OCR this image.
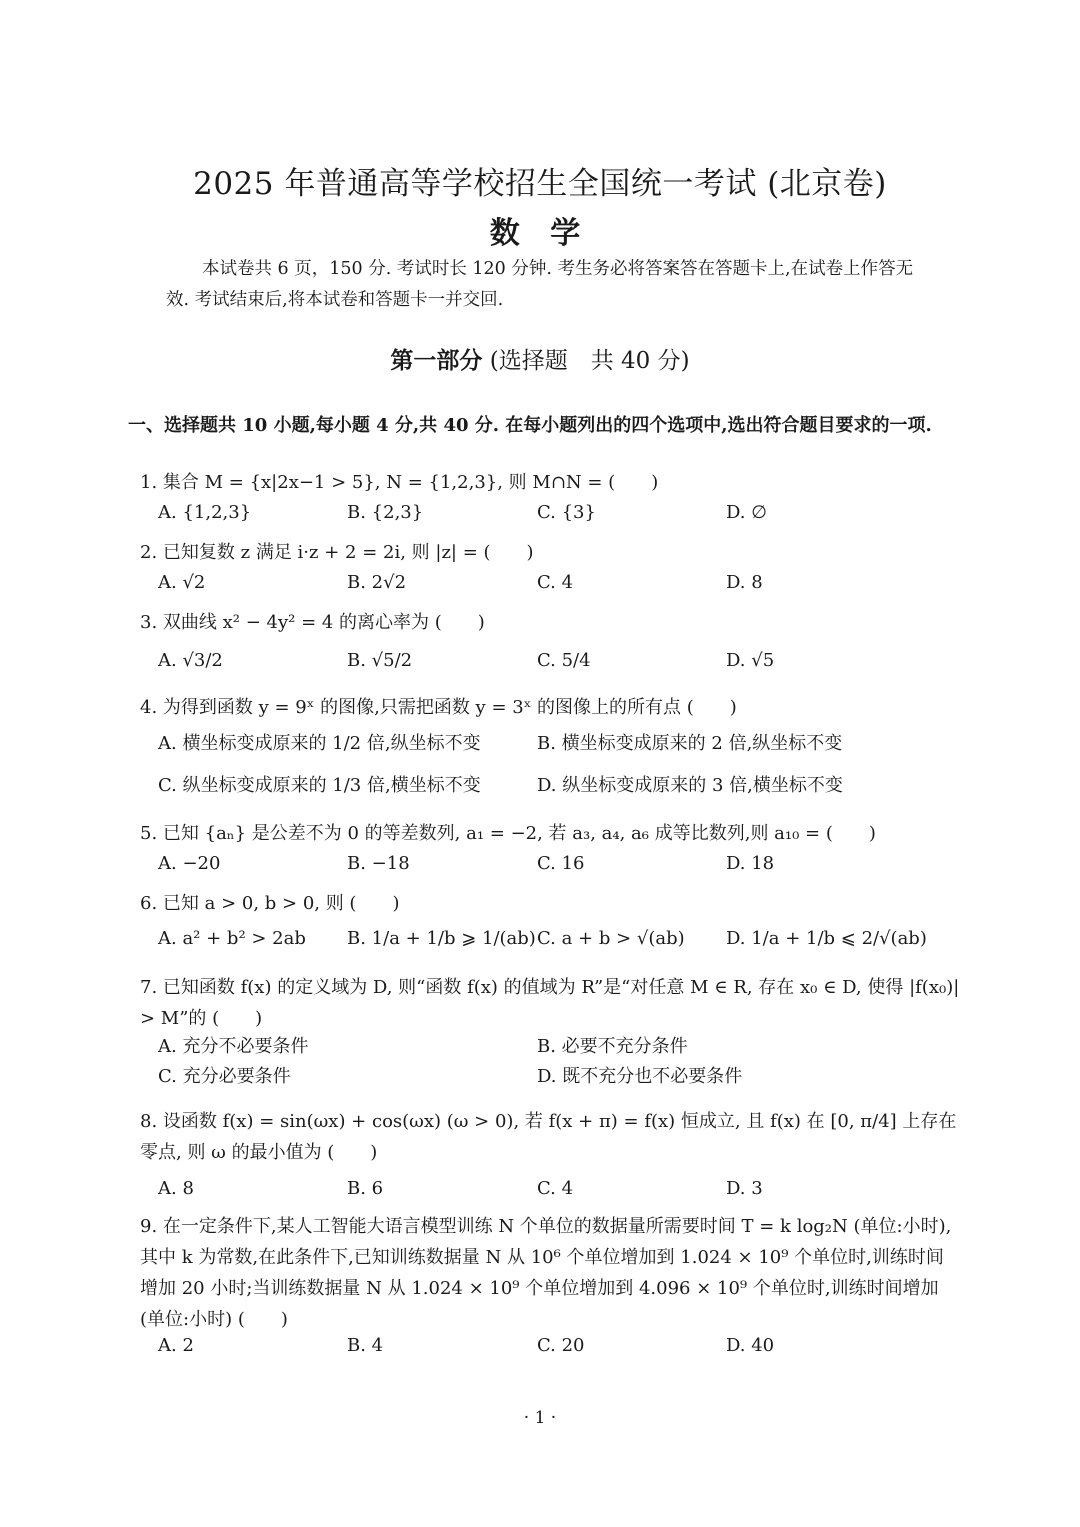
2025 年普通高等学校招生全国统一考试 (北京卷)
数 学
本试卷共 6 页，150 分. 考试时长 120 分钟. 考生务必将答案答在答题卡上,在试卷上作答无效. 考试结束后,将本试卷和答题卡一并交回.
第一部分 (选择题　共 40 分)
一、选择题共 10 小题,每小题 4 分,共 40 分. 在每小题列出的四个选项中,选出符合题目要求的一项.
1. 集合 M = {x|2x−1 > 5}, N = {1,2,3}, 则 M∩N = (　　)
A. {1,2,3}	B. {2,3}	C. {3}	D. ∅
2. 已知复数 z 满足 i·z + 2 = 2i, 则 |z| = (　　)
A. √2	B. 2√2	C. 4	D. 8
3. 双曲线 x² − 4y² = 4 的离心率为 (　　)
A. √3/2	B. √5/2	C. 5/4	D. √5
4. 为得到函数 y = 9ˣ 的图像,只需把函数 y = 3ˣ 的图像上的所有点 (　　)
A. 横坐标变成原来的 1/2 倍,纵坐标不变	B. 横坐标变成原来的 2 倍,纵坐标不变
C. 纵坐标变成原来的 1/3 倍,横坐标不变	D. 纵坐标变成原来的 3 倍,横坐标不变
5. 已知 {aₙ} 是公差不为 0 的等差数列, a₁ = −2, 若 a₃, a₄, a₆ 成等比数列,则 a₁₀ = (　　)
A. −20	B. −18	C. 16	D. 18
6. 已知 a > 0, b > 0, 则 (　　)
A. a² + b² > 2ab B. 1/a + 1/b ⩾ 1/(ab) C. a + b > √(ab) D. 1/a + 1/b ⩽ 2/√(ab)
7. 已知函数 f(x) 的定义域为 D, 则“函数 f(x) 的值域为 R”是“对任意 M ∈ R, 存在 x₀ ∈ D, 使得 |f(x₀)| > M”的 (　　)
A. 充分不必要条件	B. 必要不充分条件
C. 充分必要条件	D. 既不充分也不必要条件
8. 设函数 f(x) = sin(ωx) + cos(ωx) (ω > 0), 若 f(x + π) = f(x) 恒成立, 且 f(x) 在 [0, π/4] 上存在零点, 则 ω 的最小值为 (　　)
A. 8	B. 6	C. 4	D. 3
9. 在一定条件下,某人工智能大语言模型训练 N 个单位的数据量所需要时间 T = k log₂N (单位:小时),其中 k 为常数,在此条件下,已知训练数据量 N 从 10⁶ 个单位增加到 1.024 × 10⁹ 个单位时,训练时间增加 20 小时;当训练数据量 N 从 1.024 × 10⁹ 个单位增加到 4.096 × 10⁹ 个单位时,训练时间增加(单位:小时) (　　)
A. 2	B. 4	C. 20	D. 40
· 1 ·
